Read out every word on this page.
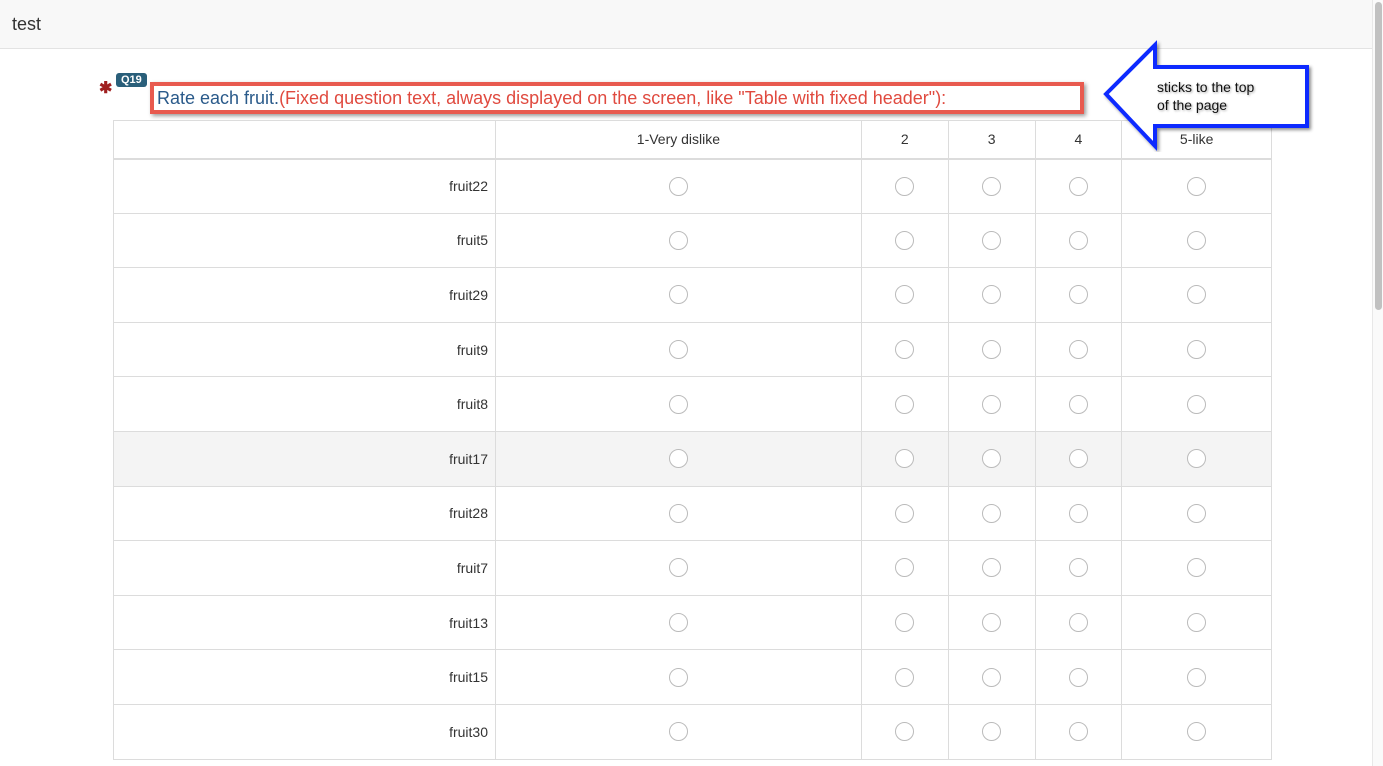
test
✱ Q19
Rate each fruit.(Fixed question text, always displayed on the screen, like "Table with fixed header"):
	1-Very dislike	2	3	4	5-like
fruit22					
fruit5					
fruit29					
fruit9					
fruit8					
fruit17					
fruit28					
fruit7					
fruit13					
fruit15					
fruit30					
sticks to the top
of the page
